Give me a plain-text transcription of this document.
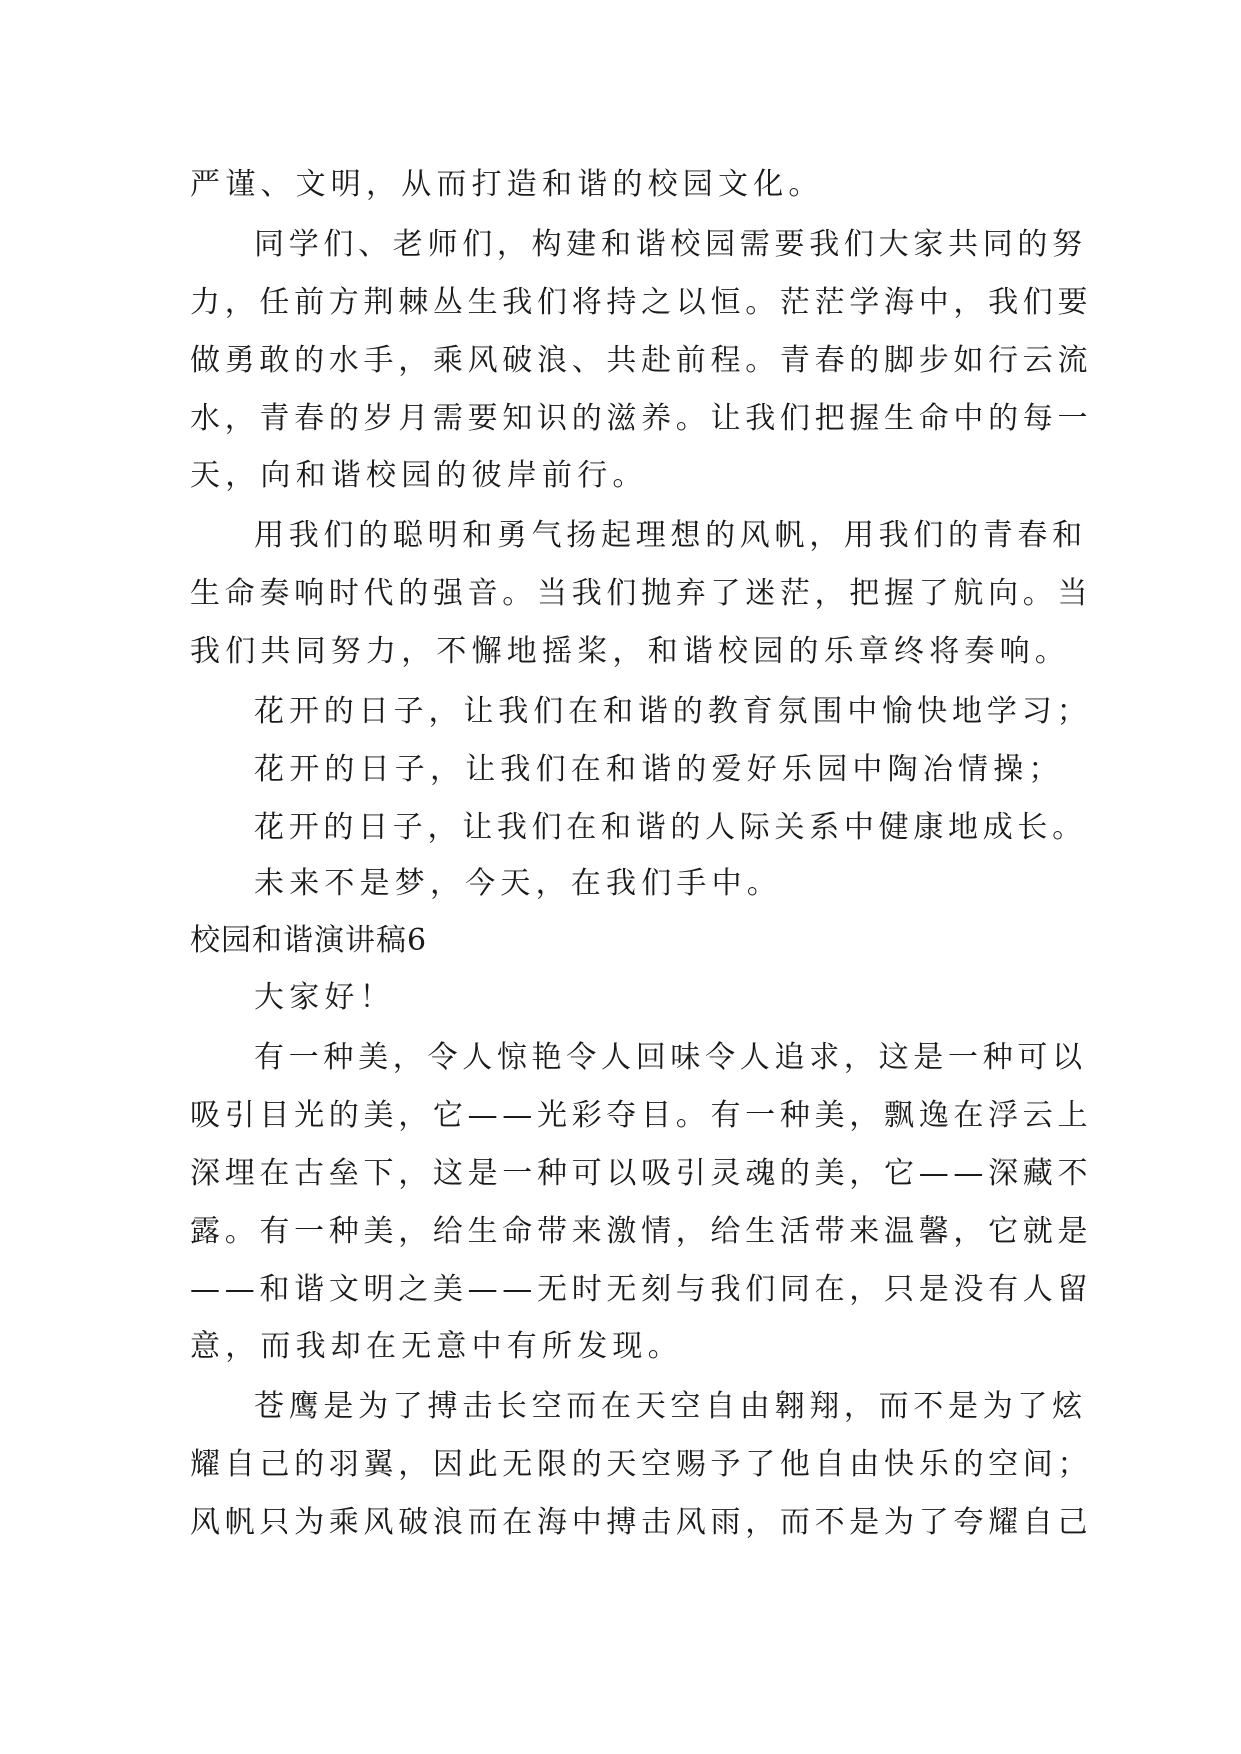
严谨、文明，从而打造和谐的校园文化。

同学们、老师们，构建和谐校园需要我们大家共同的努

力，任前方荆棘丛生我们将持之以恒。茫茫学海中，我们要

做勇敢的水手，乘风破浪、共赴前程。青春的脚步如行云流

水，青春的岁月需要知识的滋养。让我们把握生命中的每一

天，向和谐校园的彼岸前行。

用我们的聪明和勇气扬起理想的风帆，用我们的青春和

生命奏响时代的强音。当我们抛弃了迷茫，把握了航向。当

我们共同努力，不懈地摇桨，和谐校园的乐章终将奏响。

花开的日子，让我们在和谐的教育氛围中愉快地学习；

花开的日子，让我们在和谐的爱好乐园中陶冶情操；

花开的日子，让我们在和谐的人际关系中健康地成长。

未来不是梦，今天，在我们手中。

校园和谐演讲稿6

大家好！

有一种美，令人惊艳令人回味令人追求，这是一种可以

吸引目光的美，它——光彩夺目。有一种美，飘逸在浮云上

深埋在古垒下，这是一种可以吸引灵魂的美，它——深藏不

露。有一种美，给生命带来激情，给生活带来温馨，它就是

——和谐文明之美——无时无刻与我们同在，只是没有人留

意，而我却在无意中有所发现。

苍鹰是为了搏击长空而在天空自由翱翔，而不是为了炫

耀自己的羽翼，因此无限的天空赐予了他自由快乐的空间；

风帆只为乘风破浪而在海中搏击风雨，而不是为了夸耀自己
